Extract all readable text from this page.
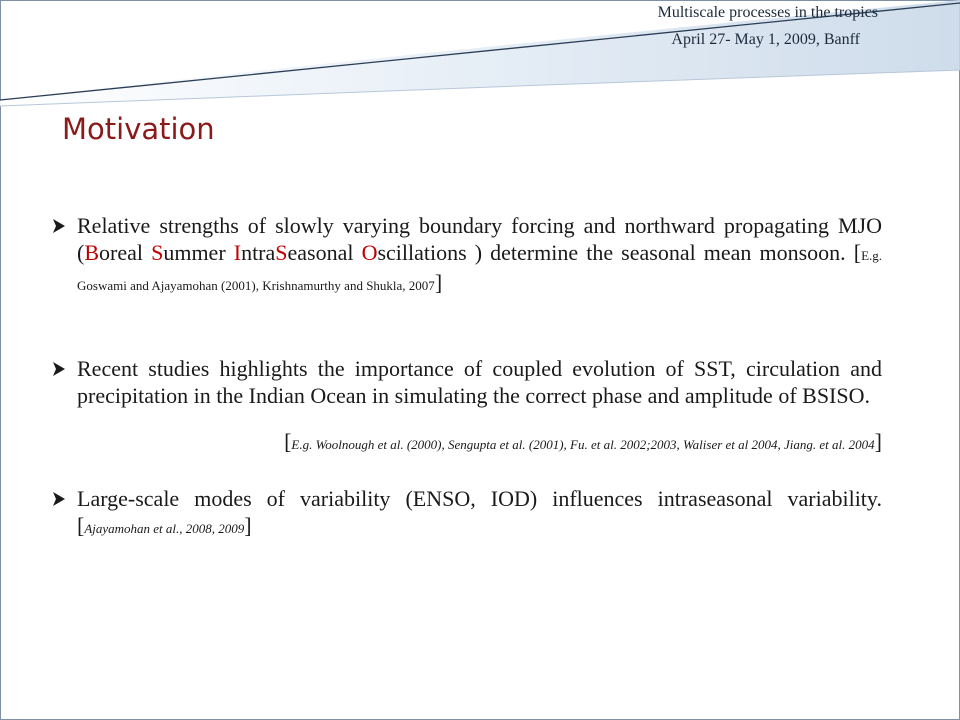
Multiscale processes in the tropics
April 27- May 1, 2009, Banff
Motivation
Relative strengths of slowly varying boundary forcing and northward propagating MJO (Boreal Summer IntraSeasonal Oscillations ) determine the seasonal mean monsoon. [E.g. Goswami and Ajayamohan (2001), Krishnamurthy and Shukla, 2007]
Recent studies highlights the importance of coupled evolution of SST, circulation and precipitation in the Indian Ocean in simulating the correct phase and amplitude of BSISO.
[E.g. Woolnough et al. (2000), Sengupta et al. (2001), Fu. et al. 2002;2003, Waliser et al 2004, Jiang. et al. 2004]
Large-scale modes of variability (ENSO, IOD) influences intraseasonal variability. [Ajayamohan et al., 2008, 2009]
